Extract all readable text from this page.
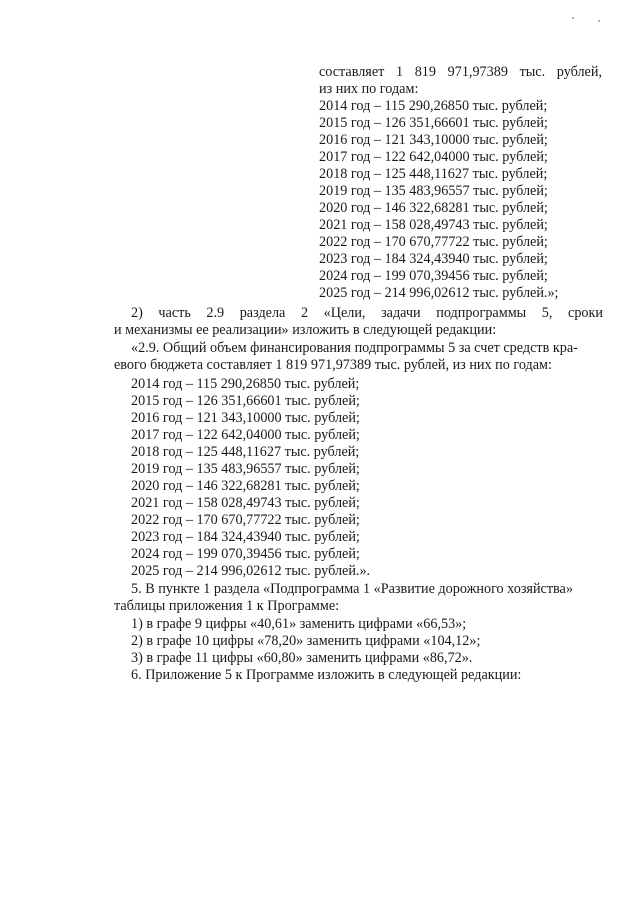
составляет 1 819 971,97389 тыс. рублей,
из них по годам:
2014 год – 115 290,26850 тыс. рублей;
2015 год – 126 351,66601 тыс. рублей;
2016 год – 121 343,10000 тыс. рублей;
2017 год – 122 642,04000 тыс. рублей;
2018 год – 125 448,11627 тыс. рублей;
2019 год – 135 483,96557 тыс. рублей;
2020 год – 146 322,68281 тыс. рублей;
2021 год – 158 028,49743 тыс. рублей;
2022 год – 170 670,77722 тыс. рублей;
2023 год – 184 324,43940 тыс. рублей;
2024 год – 199 070,39456 тыс. рублей;
2025 год – 214 996,02612 тыс. рублей.»;
2) часть 2.9 раздела 2 «Цели, задачи подпрограммы 5, сроки
и механизмы ее реализации» изложить в следующей редакции:
«2.9. Общий объем финансирования подпрограммы 5 за счет средств кра-
евого бюджета составляет 1 819 971,97389 тыс. рублей, из них по годам:
2014 год – 115 290,26850 тыс. рублей;
2015 год – 126 351,66601 тыс. рублей;
2016 год – 121 343,10000 тыс. рублей;
2017 год – 122 642,04000 тыс. рублей;
2018 год – 125 448,11627 тыс. рублей;
2019 год – 135 483,96557 тыс. рублей;
2020 год – 146 322,68281 тыс. рублей;
2021 год – 158 028,49743 тыс. рублей;
2022 год – 170 670,77722 тыс. рублей;
2023 год – 184 324,43940 тыс. рублей;
2024 год – 199 070,39456 тыс. рублей;
2025 год – 214 996,02612 тыс. рублей.».
5. В пункте 1 раздела «Подпрограмма 1 «Развитие дорожного хозяйства»
таблицы приложения 1 к Программе:
1) в графе 9 цифры «40,61» заменить цифрами «66,53»;
2) в графе 10 цифры «78,20» заменить цифрами «104,12»;
3) в графе 11 цифры «60,80» заменить цифрами «86,72».
6. Приложение 5 к Программе изложить в следующей редакции:
